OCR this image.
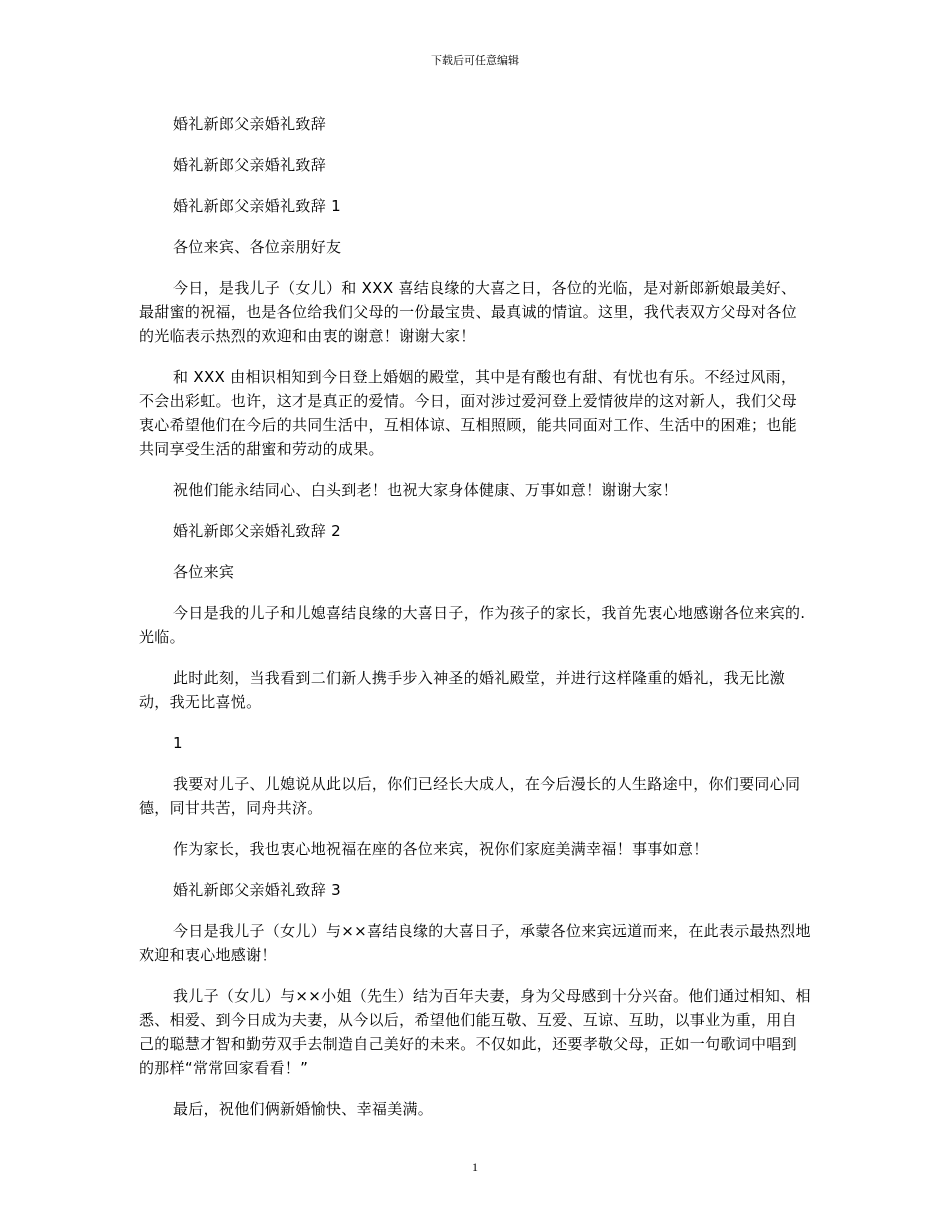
下载后可任意编辑

婚礼新郎父亲婚礼致辞

婚礼新郎父亲婚礼致辞

婚礼新郎父亲婚礼致辞 1

各位来宾、各位亲朋好友

今日，是我儿子（女儿）和 XXX 喜结良缘的大喜之日，各位的光临，是对新郎新娘最美好、最甜蜜的祝福，也是各位给我们父母的一份最宝贵、最真诚的情谊。这里，我代表双方父母对各位的光临表示热烈的欢迎和由衷的谢意！谢谢大家！

和 XXX 由相识相知到今日登上婚姻的殿堂，其中是有酸也有甜、有忧也有乐。不经过风雨，不会出彩虹。也许，这才是真正的爱情。今日，面对涉过爱河登上爱情彼岸的这对新人，我们父母衷心希望他们在今后的共同生活中，互相体谅、互相照顾，能共同面对工作、生活中的困难；也能共同享受生活的甜蜜和劳动的成果。

祝他们能永结同心、白头到老！也祝大家身体健康、万事如意！谢谢大家！

婚礼新郎父亲婚礼致辞 2

各位来宾

今日是我的儿子和儿媳喜结良缘的大喜日子，作为孩子的家长，我首先衷心地感谢各位来宾的.光临。

此时此刻，当我看到二们新人携手步入神圣的婚礼殿堂，并进行这样隆重的婚礼，我无比激动，我无比喜悦。

1

我要对儿子、儿媳说从此以后，你们已经长大成人，在今后漫长的人生路途中，你们要同心同德，同甘共苦，同舟共济。

作为家长，我也衷心地祝福在座的各位来宾，祝你们家庭美满幸福！事事如意！

婚礼新郎父亲婚礼致辞 3

今日是我儿子（女儿）与××喜结良缘的大喜日子，承蒙各位来宾远道而来，在此表示最热烈地欢迎和衷心地感谢！

我儿子（女儿）与××小姐（先生）结为百年夫妻，身为父母感到十分兴奋。他们通过相知、相悉、相爱、到今日成为夫妻，从今以后，希望他们能互敬、互爱、互谅、互助，以事业为重，用自己的聪慧才智和勤劳双手去制造自己美好的未来。不仅如此，还要孝敬父母，正如一句歌词中唱到的那样“常常回家看看！”

最后，祝他们俩新婚愉快、幸福美满。

1
